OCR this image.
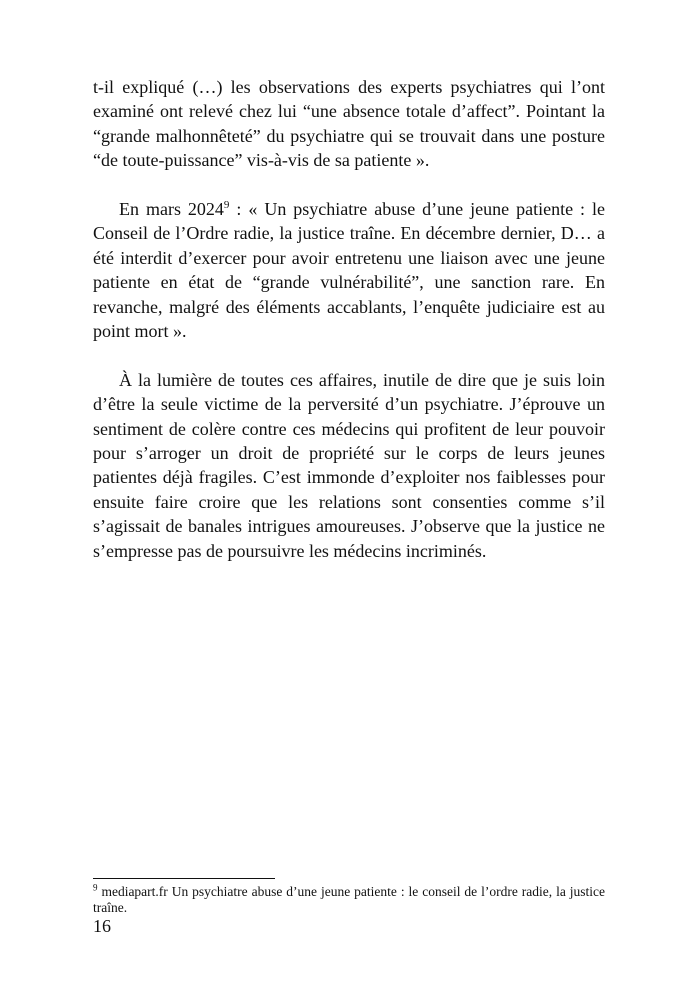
t-il expliqué (…) les observations des experts psychiatres qui l’ont examiné ont relevé chez lui “une absence totale d’affect”. Pointant la “grande malhonnêteté” du psychiatre qui se trouvait dans une posture “de toute-puissance” vis-à-vis de sa patiente ».

En mars 2024$^9$ : « Un psychiatre abuse d’une jeune patiente : le Conseil de l’Ordre radie, la justice traîne. En décembre dernier, D… a été interdit d’exercer pour avoir entretenu une liaison avec une jeune patiente en état de “grande vulnérabilité”, une sanction rare. En revanche, malgré des éléments accablants, l’enquête judiciaire est au point mort ».

À la lumière de toutes ces affaires, inutile de dire que je suis loin d’être la seule victime de la perversité d’un psychiatre. J’éprouve un sentiment de colère contre ces médecins qui profitent de leur pouvoir pour s’arroger un droit de propriété sur le corps de leurs jeunes patientes déjà fragiles. C’est immonde d’exploiter nos faiblesses pour ensuite faire croire que les relations sont consenties comme s’il s’agissait de banales intrigues amoureuses. J’observe que la justice ne s’empresse pas de poursuivre les médecins incriminés.

$^9$ mediapart.fr Un psychiatre abuse d’une jeune patiente : le conseil de l’ordre radie, la justice traîne.

16
